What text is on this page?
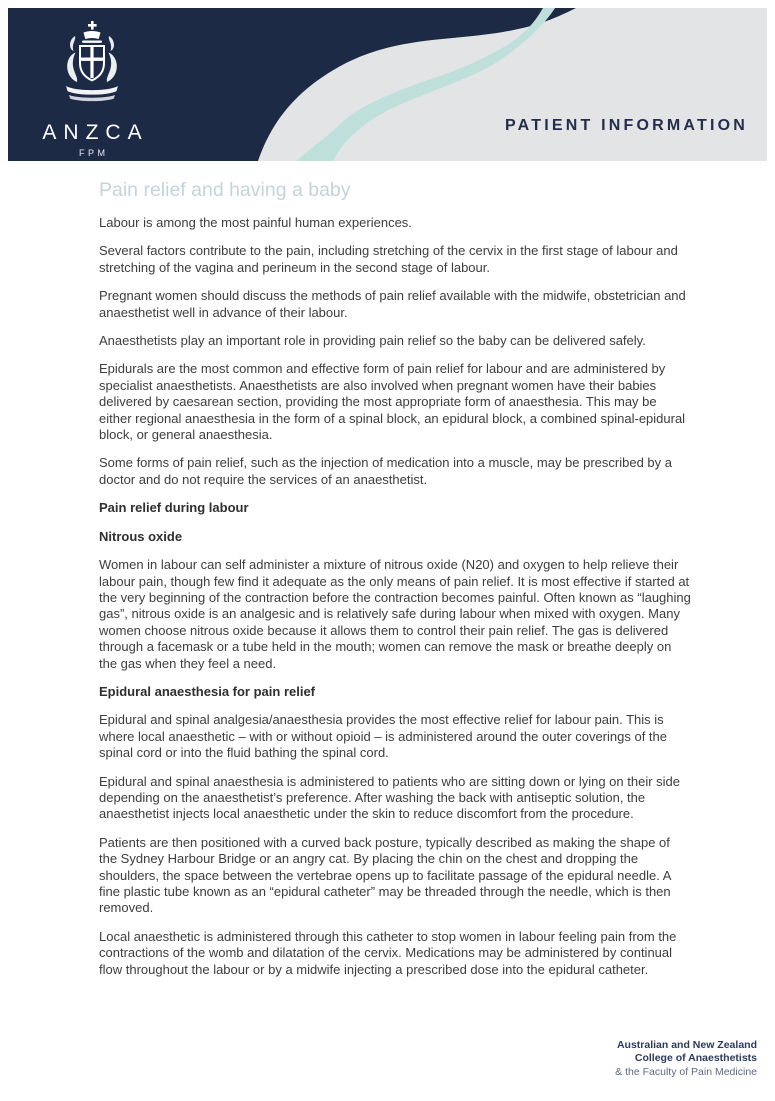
ANZCA
FPM
PATIENT INFORMATION
Pain relief and having a baby

Labour is among the most painful human experiences.

Several factors contribute to the pain, including stretching of the cervix in the first stage of labour and stretching of the vagina and perineum in the second stage of labour.

Pregnant women should discuss the methods of pain relief available with the midwife, obstetrician and anaesthetist well in advance of their labour.

Anaesthetists play an important role in providing pain relief so the baby can be delivered safely.

Epidurals are the most common and effective form of pain relief for labour and are administered by specialist anaesthetists. Anaesthetists are also involved when pregnant women have their babies delivered by caesarean section, providing the most appropriate form of anaesthesia. This may be either regional anaesthesia in the form of a spinal block, an epidural block, a combined spinal-epidural block, or general anaesthesia.

Some forms of pain relief, such as the injection of medication into a muscle, may be prescribed by a doctor and do not require the services of an anaesthetist.

Pain relief during labour
Nitrous oxide

Women in labour can self administer a mixture of nitrous oxide (N20) and oxygen to help relieve their labour pain, though few find it adequate as the only means of pain relief. It is most effective if started at the very beginning of the contraction before the contraction becomes painful. Often known as “laughing gas”, nitrous oxide is an analgesic and is relatively safe during labour when mixed with oxygen. Many women choose nitrous oxide because it allows them to control their pain relief. The gas is delivered through a facemask or a tube held in the mouth; women can remove the mask or breathe deeply on the gas when they feel a need.

Epidural anaesthesia for pain relief

Epidural and spinal analgesia/anaesthesia provides the most effective relief for labour pain. This is where local anaesthetic – with or without opioid – is administered around the outer coverings of the spinal cord or into the fluid bathing the spinal cord.

Epidural and spinal anaesthesia is administered to patients who are sitting down or lying on their side depending on the anaesthetist’s preference. After washing the back with antiseptic solution, the anaesthetist injects local anaesthetic under the skin to reduce discomfort from the procedure.

Patients are then positioned with a curved back posture, typically described as making the shape of the Sydney Harbour Bridge or an angry cat. By placing the chin on the chest and dropping the shoulders, the space between the vertebrae opens up to facilitate passage of the epidural needle. A fine plastic tube known as an “epidural catheter” may be threaded through the needle, which is then removed.

Local anaesthetic is administered through this catheter to stop women in labour feeling pain from the contractions of the womb and dilatation of the cervix. Medications may be administered by continual flow throughout the labour or by a midwife injecting a prescribed dose into the epidural catheter.

Australian and New Zealand
College of Anaesthetists
& the Faculty of Pain Medicine
